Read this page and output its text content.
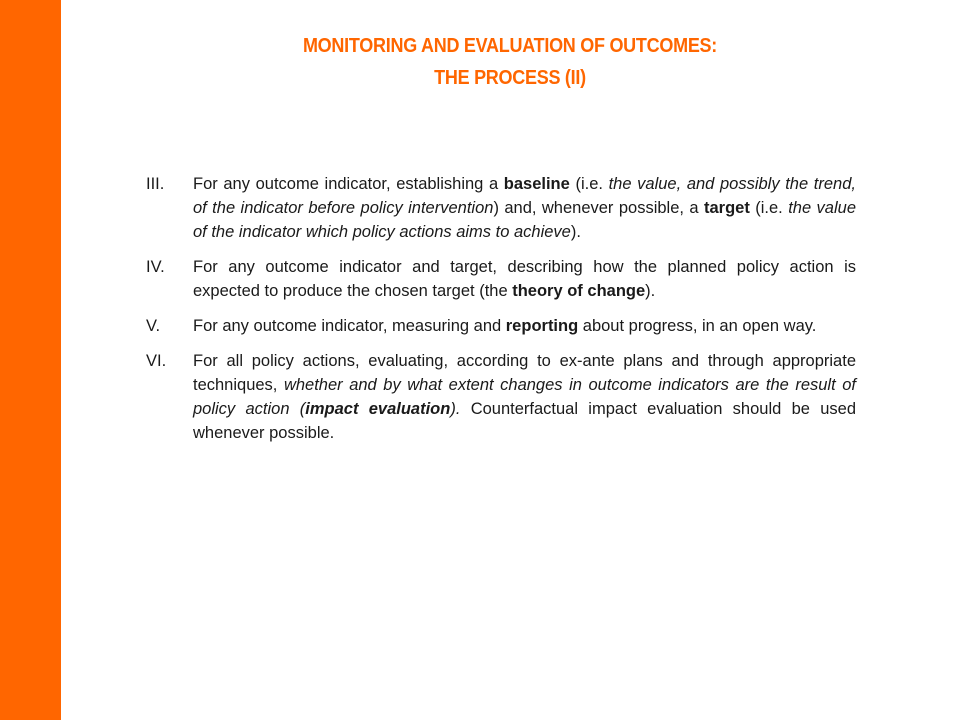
MONITORING AND EVALUATION OF OUTCOMES:
THE PROCESS (II)
III.	For any outcome indicator, establishing a baseline (i.e. the value, and possibly the trend, of the indicator before policy intervention) and, whenever possible, a target (i.e. the value of the indicator which policy actions aims to achieve).
IV.	For any outcome indicator and target, describing how the planned policy action is expected to produce the chosen target (the theory of change).
V.	For any outcome indicator, measuring and reporting about progress, in an open way.
VI.	For all policy actions, evaluating, according to ex-ante plans and through appropriate techniques, whether and by what extent changes in outcome indicators are the result of policy action (impact evaluation). Counterfactual impact evaluation should be used whenever possible.
